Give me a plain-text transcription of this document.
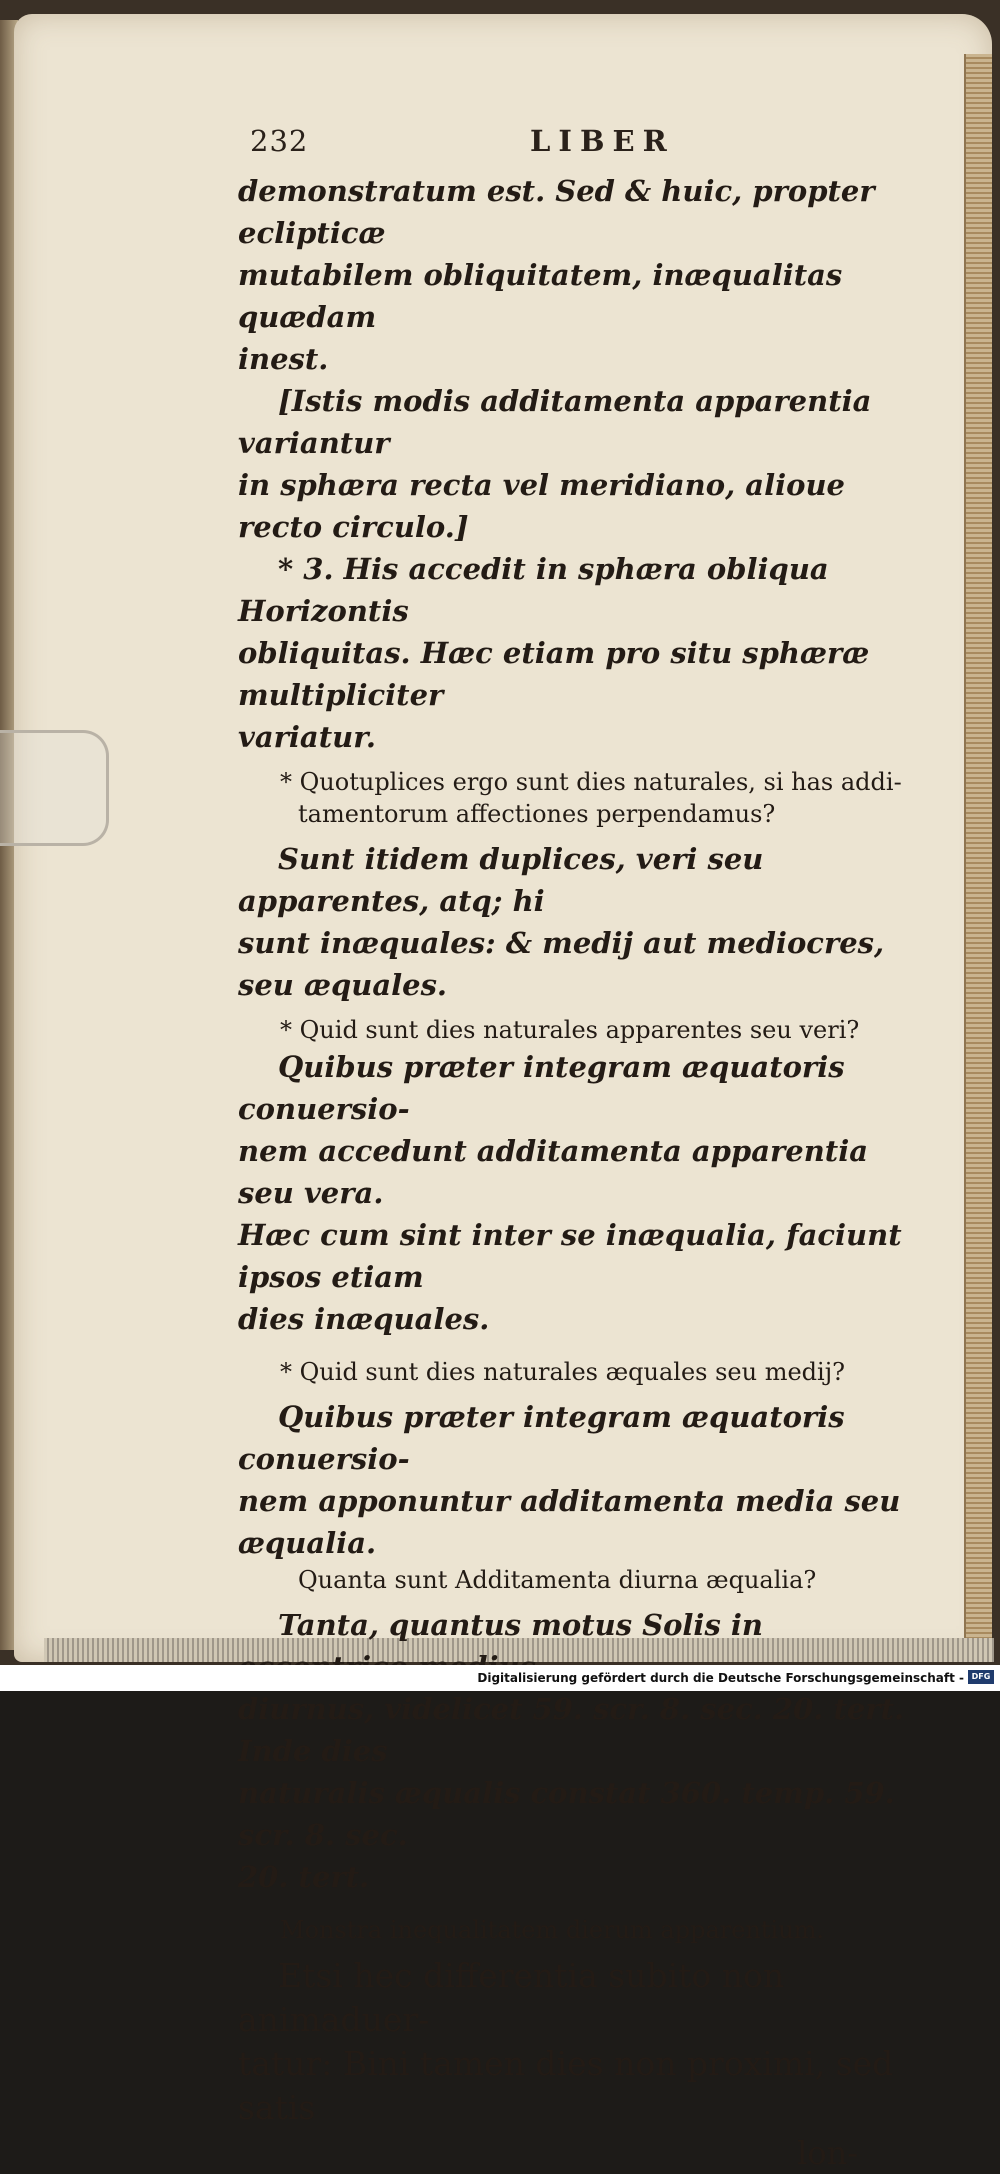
232	LIBER

demonstratum est. Sed & huic, propter eclipticæ

mutabilem obliquitatem, inæqualitas quædam

inest.

[Istis modis additamenta apparentia variantur

in sphæra recta vel meridiano, alioue recto circulo.]

* 3. His accedit in sphæra obliqua Horizontis

obliquitas. Hæc etiam pro situ sphæræ multipliciter

variatur.

* Quotuplices ergo sunt dies naturales, si has addi-

tamentorum affectiones perpendamus?

Sunt itidem duplices, veri seu apparentes, atq; hi

sunt inæquales: & medij aut mediocres, seu æquales.

* Quid sunt dies naturales apparentes seu veri?

Quibus præter integram æquatoris conuersio-

nem accedunt additamenta apparentia seu vera.

Hæc cum sint inter se inæqualia, faciunt ipsos etiam

dies inæquales.

* Quid sunt dies naturales æquales seu medij?

Quibus præter integram æquatoris conuersio-

nem apponuntur additamenta media seu æqualia.

Quanta sunt Additamenta diurna æqualia?

Tanta, quantus motus Solis in

diurnus, videlicet 59. scr. 8. sec. 20. tert. Inde dies

naturalis æqualis constat 360. temp. 59. scr. 8. sec.

20. tert.

Monstra inequalitatem dierum apparentium.

Etsi hec differentia subito non animaduer-

tatur: Bini tamen dies non proximi, sed satis

lon-

Digitalisierung gefördert durch die Deutsche Forschungsgemeinschaft - DFG
